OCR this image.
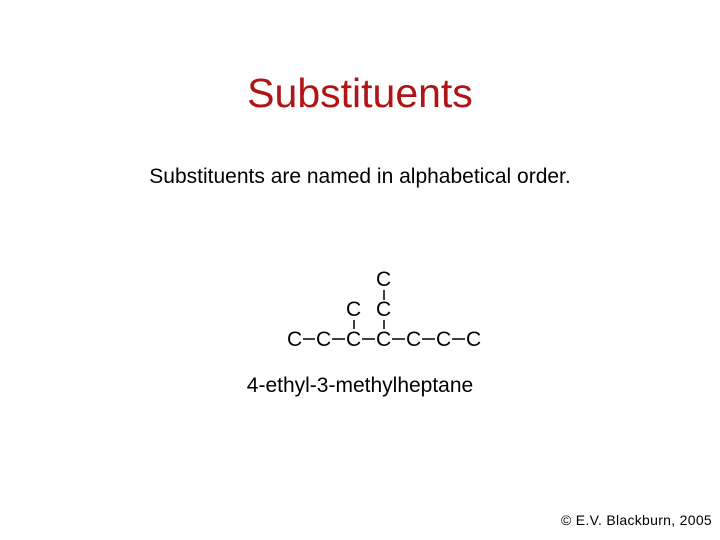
Substituents
Substituents are named in alphabetical order.
C
C C
C C C C C C C
4-ethyl-3-methylheptane
© E.V. Blackburn, 2005
